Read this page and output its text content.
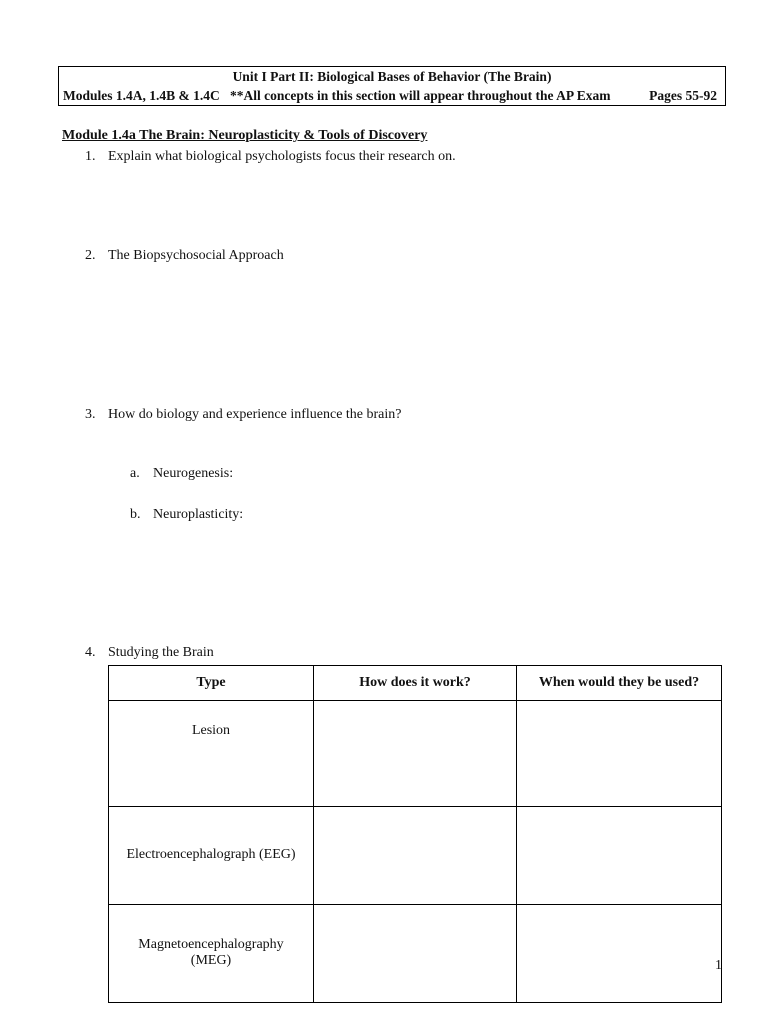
Unit I Part II: Biological Bases of Behavior (The Brain)
Modules 1.4A, 1.4B & 1.4C **All concepts in this section will appear throughout the AP Exam	Pages 55-92
Module 1.4a The Brain: Neuroplasticity & Tools of Discovery
1. Explain what biological psychologists focus their research on.
2. The Biopsychosocial Approach
3. How do biology and experience influence the brain?
a. Neurogenesis:
b. Neuroplasticity:
4. Studying the Brain
Type	How does it work?	When would they be used?
Lesion		
Electroencephalograph (EEG)		
Magnetoencephalography (MEG)			1
